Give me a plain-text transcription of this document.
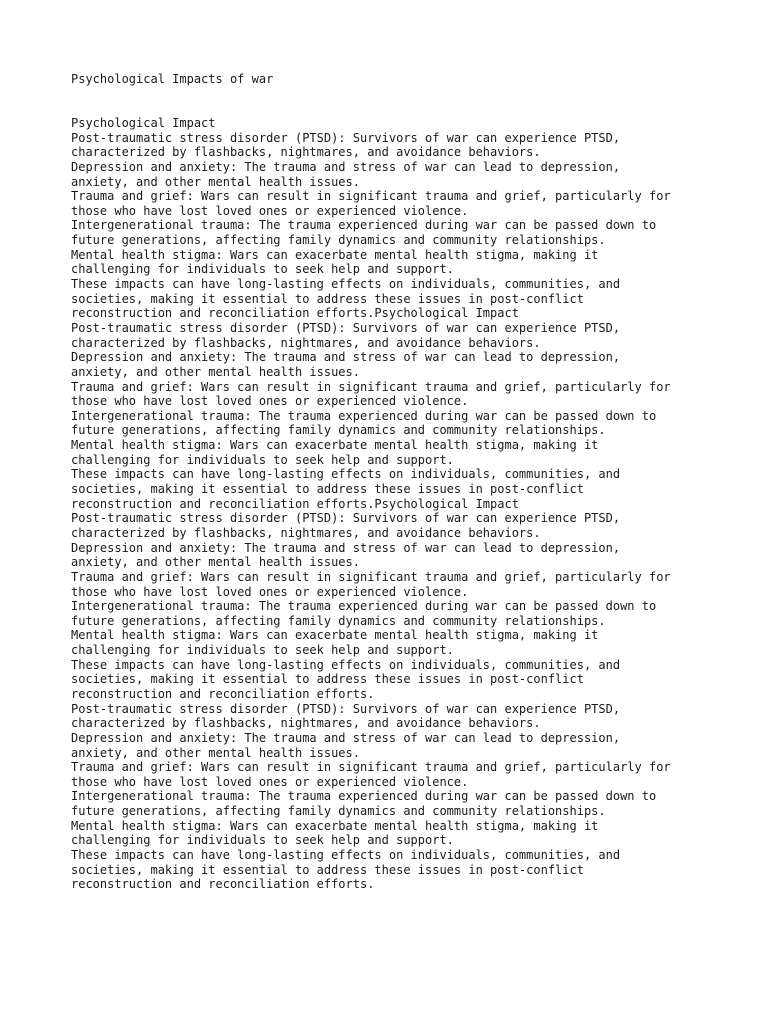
Psychological Impacts of war
Psychological Impact
Post-traumatic stress disorder (PTSD): Survivors of war can experience PTSD,
characterized by flashbacks, nightmares, and avoidance behaviors.
Depression and anxiety: The trauma and stress of war can lead to depression,
anxiety, and other mental health issues.
Trauma and grief: Wars can result in significant trauma and grief, particularly for
those who have lost loved ones or experienced violence.
Intergenerational trauma: The trauma experienced during war can be passed down to
future generations, affecting family dynamics and community relationships.
Mental health stigma: Wars can exacerbate mental health stigma, making it
challenging for individuals to seek help and support.
These impacts can have long-lasting effects on individuals, communities, and
societies, making it essential to address these issues in post-conflict
reconstruction and reconciliation efforts.Psychological Impact
Post-traumatic stress disorder (PTSD): Survivors of war can experience PTSD,
characterized by flashbacks, nightmares, and avoidance behaviors.
Depression and anxiety: The trauma and stress of war can lead to depression,
anxiety, and other mental health issues.
Trauma and grief: Wars can result in significant trauma and grief, particularly for
those who have lost loved ones or experienced violence.
Intergenerational trauma: The trauma experienced during war can be passed down to
future generations, affecting family dynamics and community relationships.
Mental health stigma: Wars can exacerbate mental health stigma, making it
challenging for individuals to seek help and support.
These impacts can have long-lasting effects on individuals, communities, and
societies, making it essential to address these issues in post-conflict
reconstruction and reconciliation efforts.Psychological Impact
Post-traumatic stress disorder (PTSD): Survivors of war can experience PTSD,
characterized by flashbacks, nightmares, and avoidance behaviors.
Depression and anxiety: The trauma and stress of war can lead to depression,
anxiety, and other mental health issues.
Trauma and grief: Wars can result in significant trauma and grief, particularly for
those who have lost loved ones or experienced violence.
Intergenerational trauma: The trauma experienced during war can be passed down to
future generations, affecting family dynamics and community relationships.
Mental health stigma: Wars can exacerbate mental health stigma, making it
challenging for individuals to seek help and support.
These impacts can have long-lasting effects on individuals, communities, and
societies, making it essential to address these issues in post-conflict
reconstruction and reconciliation efforts.
Post-traumatic stress disorder (PTSD): Survivors of war can experience PTSD,
characterized by flashbacks, nightmares, and avoidance behaviors.
Depression and anxiety: The trauma and stress of war can lead to depression,
anxiety, and other mental health issues.
Trauma and grief: Wars can result in significant trauma and grief, particularly for
those who have lost loved ones or experienced violence.
Intergenerational trauma: The trauma experienced during war can be passed down to
future generations, affecting family dynamics and community relationships.
Mental health stigma: Wars can exacerbate mental health stigma, making it
challenging for individuals to seek help and support.
These impacts can have long-lasting effects on individuals, communities, and
societies, making it essential to address these issues in post-conflict
reconstruction and reconciliation efforts.
